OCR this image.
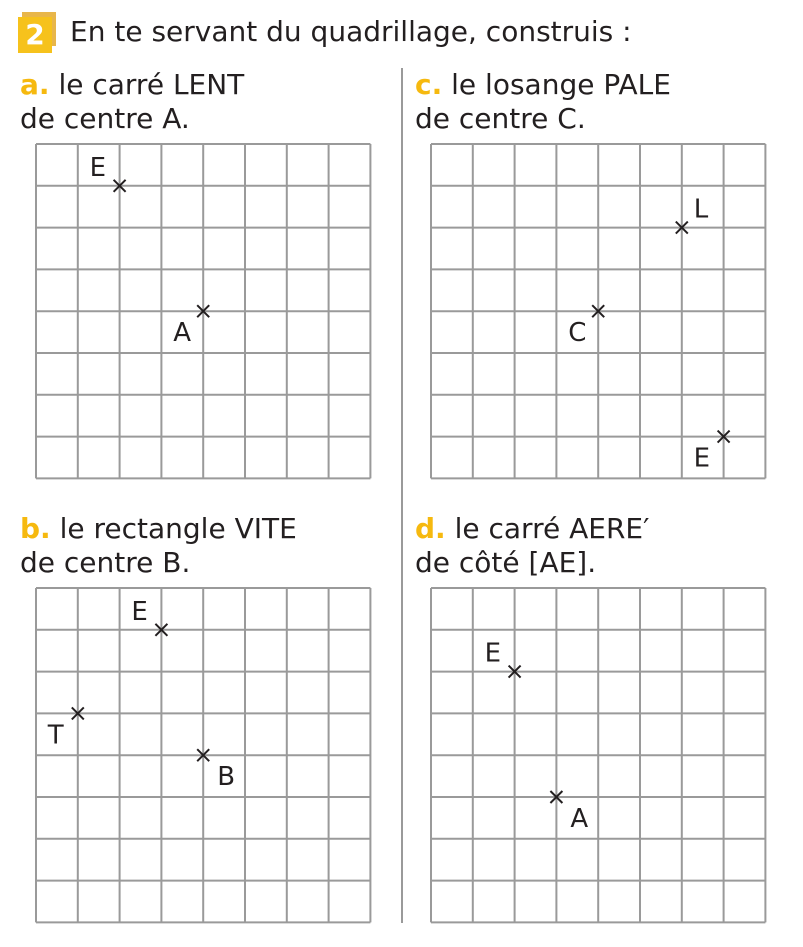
2 En te servant du quadrillage, construis :
a. le carré LENT
de centre A.
E
A
c. le losange PALE
de centre C.
L
C
E
b. le rectangle VITE
de centre B.
E
T
B
d. le carré AERE′
de côté [AE].
E
A
